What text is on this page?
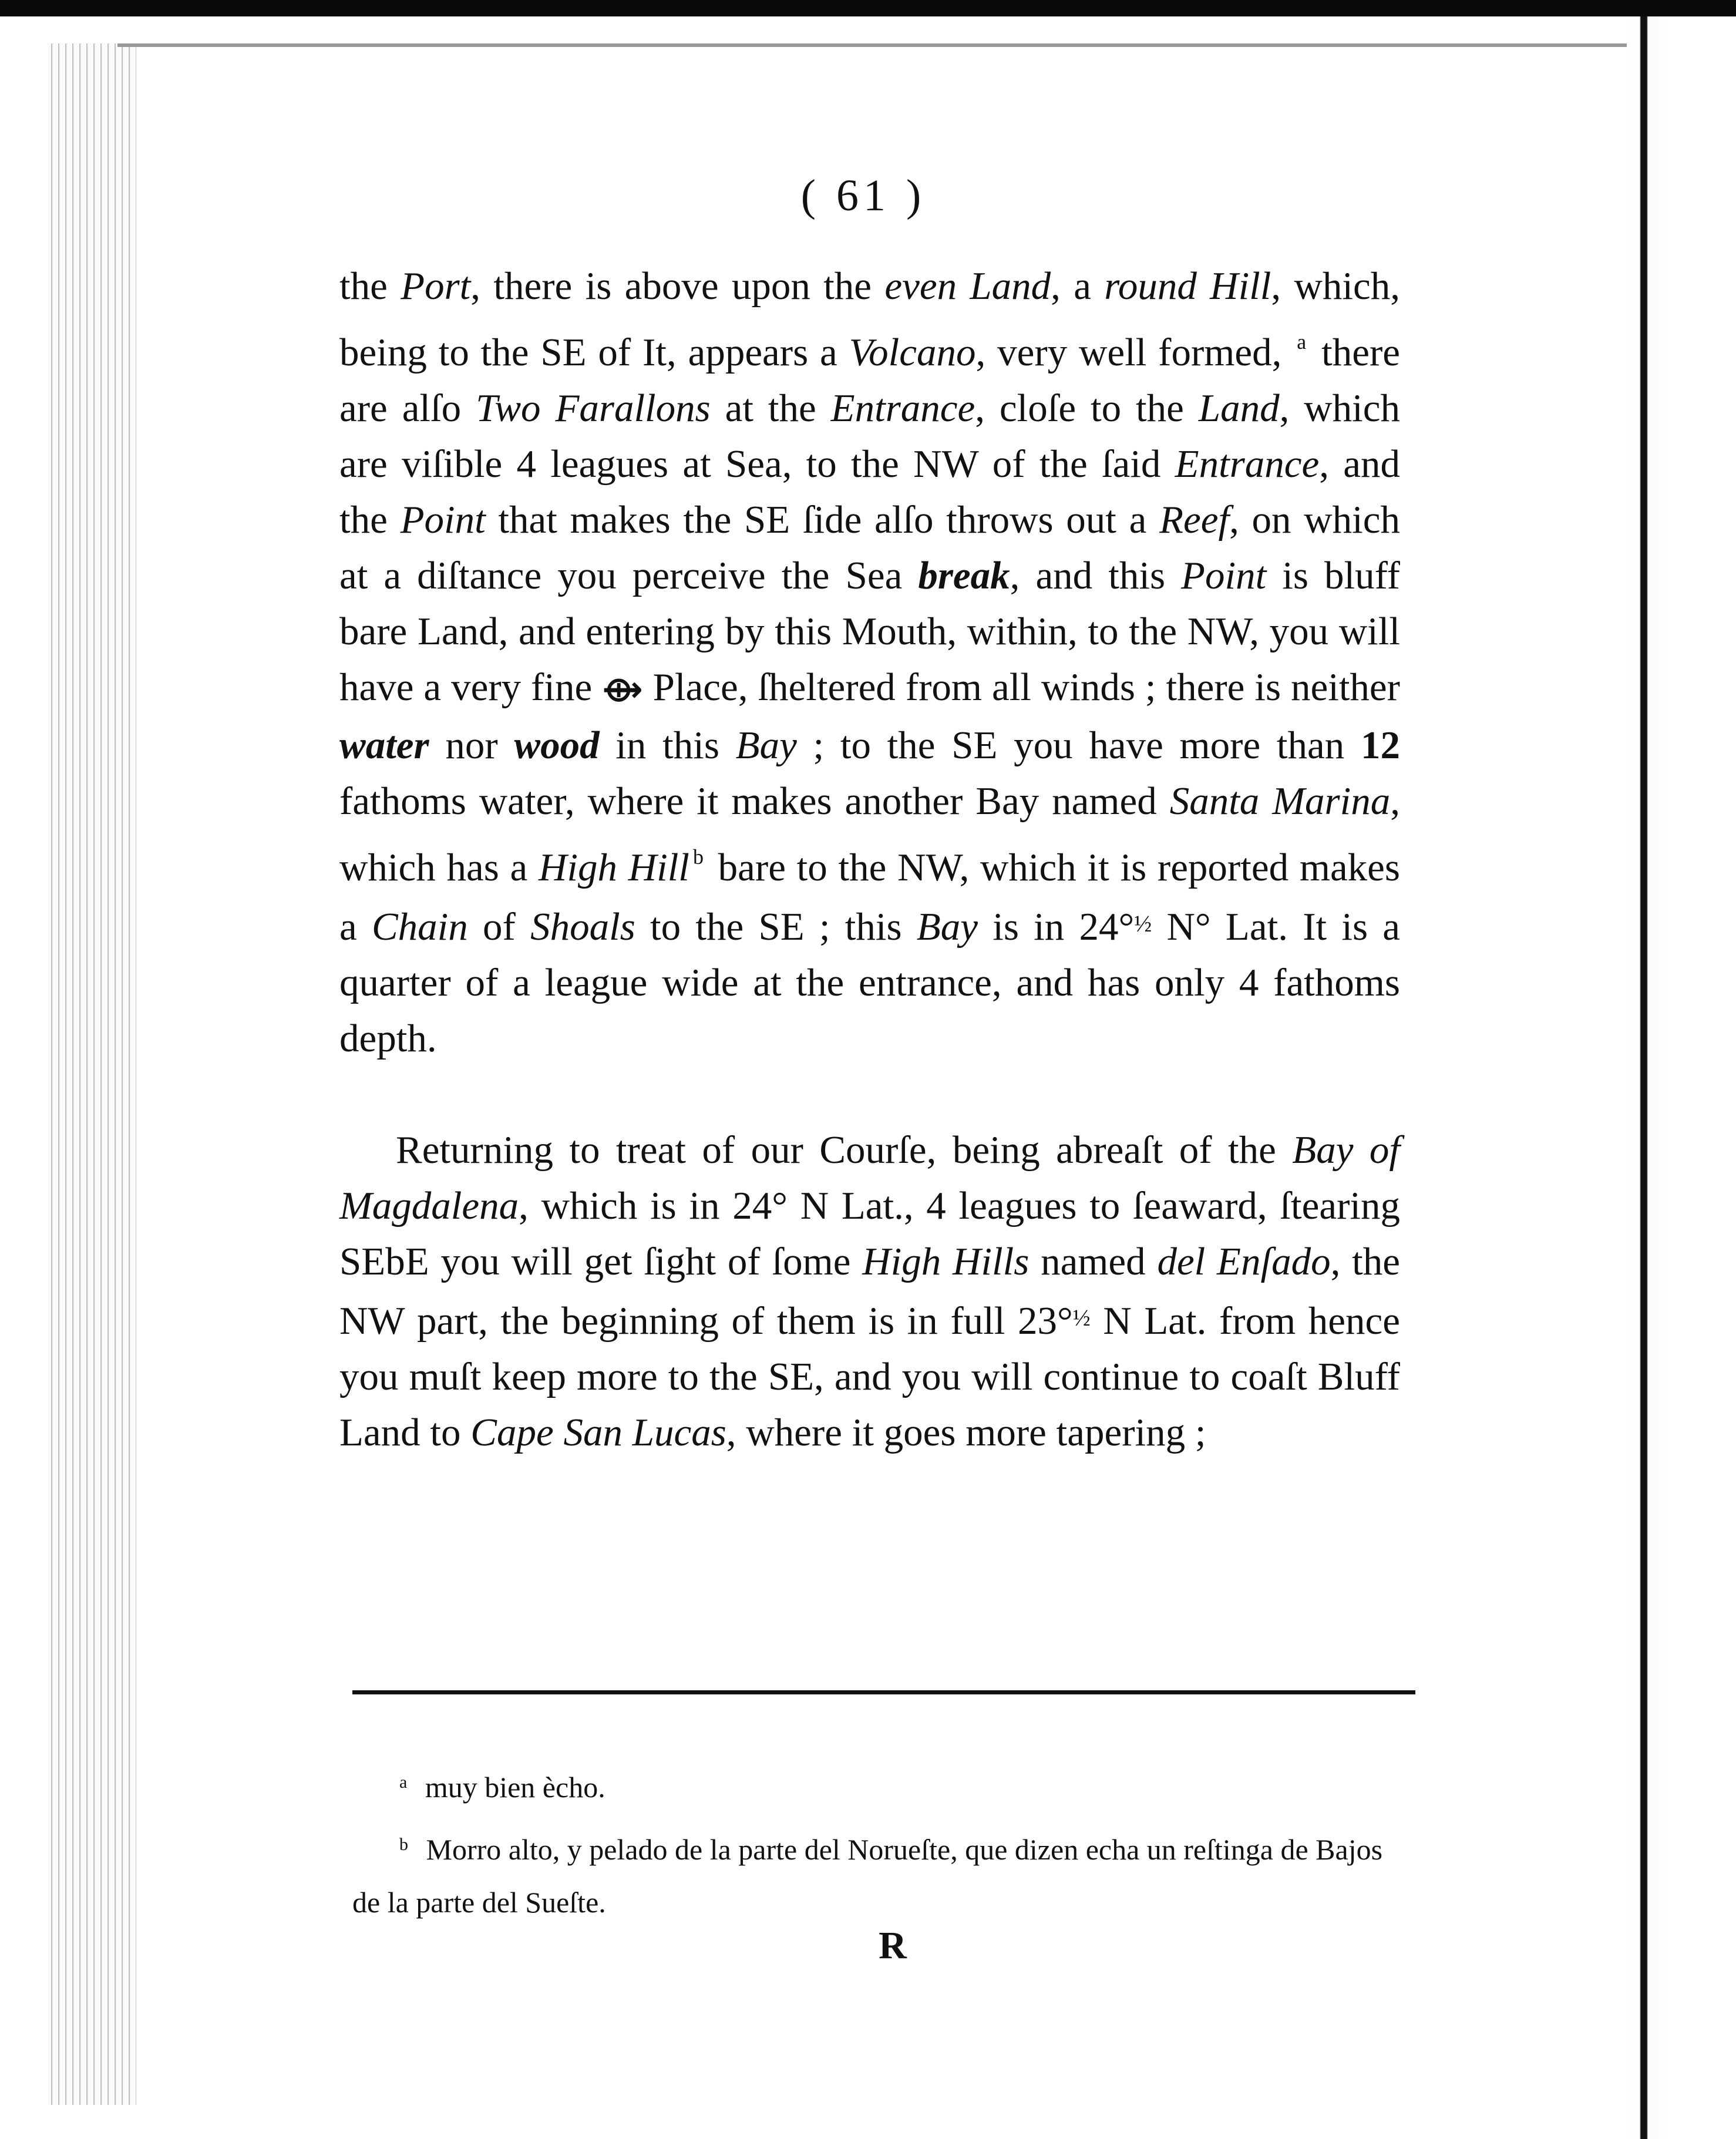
( 61 )

the Port, there is above upon the even Land, a round Hill, which, being to the SE of It, appears a Volcano, very well formed, $^a$ there are alſo Two Farallons at the Entrance, cloſe to the Land, which are viſible 4 leagues at Sea, to the NW of the ſaid Entrance, and the Point that makes the SE ſide alſo throws out a Reef, on which at a diſtance you perceive the Sea break, and this Point is bluff bare Land, and entering by this Mouth, within, to the NW, you will have a very fine ⟴ Place, ſheltered from all winds ; there is neither water nor wood in this Bay ; to the SE you have more than 12 fathoms water, where it makes another Bay named Santa Marina, which has a High Hill $^b$ bare to the NW, which it is reported makes a Chain of Shoals to the SE ; this Bay is in 24°$^{\frac{1}{2}}$ N° Lat. It is a quarter of a league wide at the entrance, and has only 4 fathoms depth.

Returning to treat of our Courſe, being abreaſt of the Bay of Magdalena, which is in 24° N Lat., 4 leagues to ſeaward, ſtearing SEbE you will get ſight of ſome High Hills named del Enſado, the NW part, the beginning of them is in full 23°$^{\frac{1}{2}}$ N Lat. from hence you muſt keep more to the SE, and you will continue to coaſt Bluff Land to Cape San Lucas, where it goes more tapering ;

$^a$ muy bien ècho.

$^b$ Morro alto, y pelado de la parte del Norueſte, que dizen echa un reſtinga de Bajos de la parte del Sueſte.

R
